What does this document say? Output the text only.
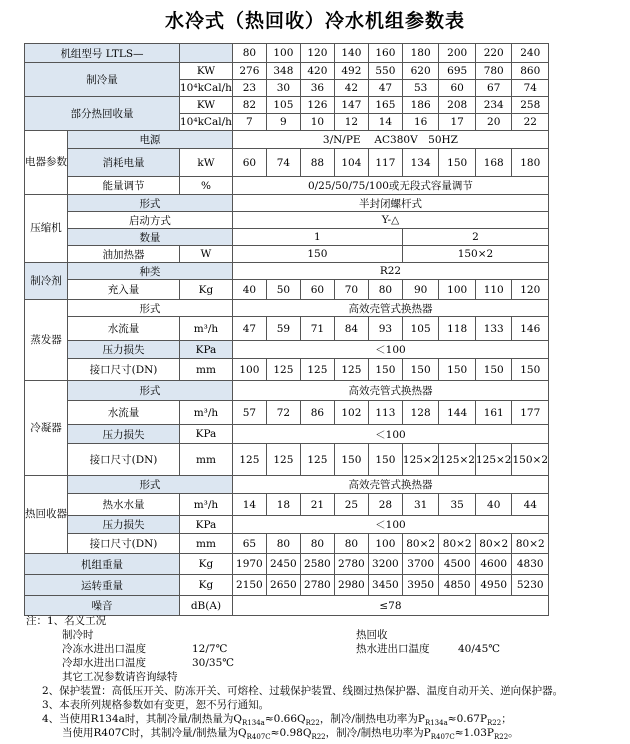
水冷式（热回收）冷水机组参数表
机组型号 LTLS—			80	100	120	140	160	180	200	220	240
制冷量		KW	276	348	420	492	550	620	695	780	860
		10⁴kCal/h	23	30	36	42	47	53	60	67	74
部分热回收量		KW	82	105	126	147	165	186	208	234	258
		10⁴kCal/h	7	9	10	12	14	16	17	20	22
电器参数	电源		3/N/PE　 AC380V　50HZ								
	消耗电量	kW	60	74	88	104	117	134	150	168	180
	能量调节	%	0/25/50/75/100或无段式容量调节								
压缩机	形式		半封闭螺杆式								
	启动方式		Y-△								
	数量		1					2			
	油加热器	W	150					150×2			
制冷剂	种类		R22								
	充入量	Kg	40	50	60	70	80	90	100	110	120
蒸发器	形式		高效壳管式换热器								
	水流量	m³/h	47	59	71	84	93	105	118	133	146
	压力损失	KPa	＜100								
	接口尺寸(DN)	mm	100	125	125	125	150	150	150	150	150
冷凝器	形式		高效壳管式换热器								
	水流量	m³/h	57	72	86	102	113	128	144	161	177
	压力损失	KPa	＜100								
	接口尺寸(DN)	mm	125	125	125	150	150	125×2	125×2	125×2	150×2
热回收器	形式		高效壳管式换热器								
	热水水量	m³/h	14	18	21	25	28	31	35	40	44
	压力损失	KPa	＜100								
	接口尺寸(DN)	mm	65	80	80	80	100	80×2	80×2	80×2	80×2
机组重量		Kg	1970	2450	2580	2780	3200	3700	4500	4600	4830
运转重量		Kg	2150	2650	2780	2980	3450	3950	4850	4950	5230
噪音		dB(A)	≤78								
注：1、名义工况
制冷时	热回收
冷冻水进出口温度	12/7℃	热水进出口温度	40/45℃
冷却水进出口温度	30/35℃
其它工况参数请咨询绿特
2、保护装置：高低压开关、防冻开关、可熔栓、过载保护装置、线圈过热保护器、温度自动开关、逆向保护器。
3、本表所列规格参数如有变更，恕不另行通知。
4、当使用R134a时，其制冷量/制热量为$Q_{R134a}\approx 0.66Q_{R22}$，制冷/制热电功率为$P_{R134a}\approx 0.67P_{R22}$；
当使用R407C时，其制冷量/制热量为$Q_{R407C}\approx 0.98Q_{R22}$，制冷/制热电功率为$P_{R407C}\approx 1.03P_{R22}$。
